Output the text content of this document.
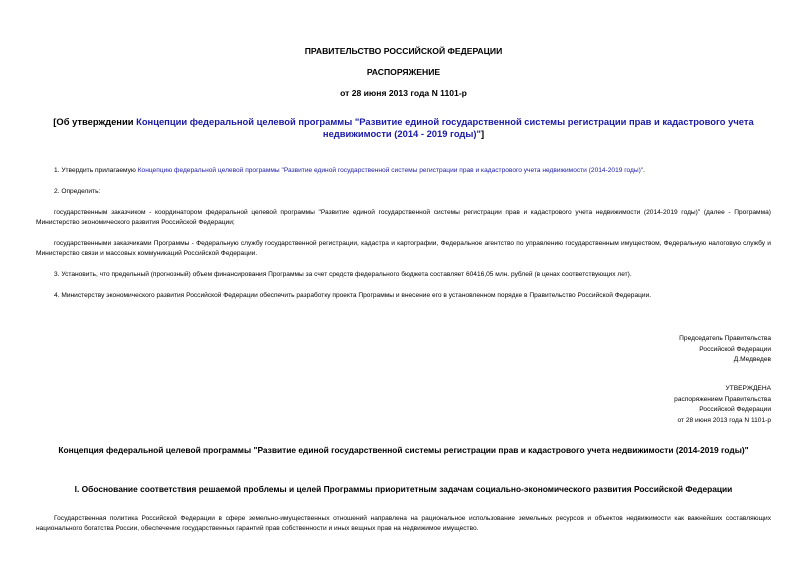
ПРАВИТЕЛЬСТВО РОССИЙСКОЙ ФЕДЕРАЦИИ
РАСПОРЯЖЕНИЕ
от 28 июня 2013 года N 1101-р
[Об утверждении Концепции федеральной целевой программы "Развитие единой государственной системы регистрации прав и кадастрового учета недвижимости (2014 - 2019 годы)"]
1. Утвердить прилагаемую Концепцию федеральной целевой программы "Развитие единой государственной системы регистрации прав и кадастрового учета недвижимости (2014-2019 годы)".
2. Определить:
государственным заказчиком - координатором федеральной целевой программы "Развитие единой государственной системы регистрации прав и кадастрового учета недвижимости (2014-2019 годы)" (далее - Программа) Министерство экономического развития Российской Федерации;
государственными заказчиками Программы - Федеральную службу государственной регистрации, кадастра и картографии, Федеральное агентство по управлению государственным имуществом, Федеральную налоговую службу и Министерство связи и массовых коммуникаций Российской Федерации.
3. Установить, что предельный (прогнозный) объем финансирования Программы за счет средств федерального бюджета составляет 60416,05 млн. рублей (в ценах соответствующих лет).
4. Министерству экономического развития Российской Федерации обеспечить разработку проекта Программы и внесение его в установленном порядке в Правительство Российской Федерации.
Председатель Правительства
Российской Федерации
Д.Медведев
УТВЕРЖДЕНА
распоряжением Правительства
Российской Федерации
от 28 июня 2013 года N 1101-р
Концепция федеральной целевой программы "Развитие единой государственной системы регистрации прав и кадастрового учета недвижимости (2014-2019 годы)"
I. Обоснование соответствия решаемой проблемы и целей Программы приоритетным задачам социально-экономического развития Российской Федерации
Государственная политика Российской Федерации в сфере земельно-имущественных отношений направлена на рациональное использование земельных ресурсов и объектов недвижимости как важнейших составляющих национального богатства России, обеспечение государственных гарантий прав собственности и иных вещных прав на недвижимое имущество.
